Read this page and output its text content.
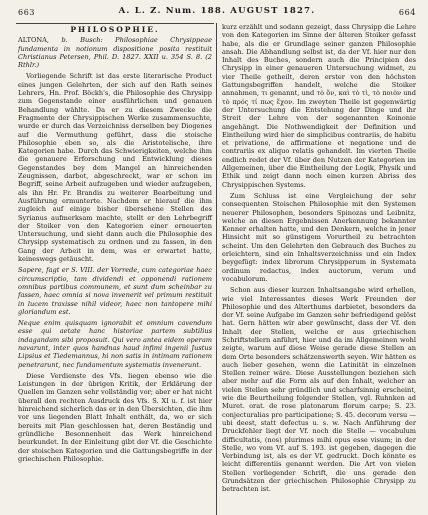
663	A. L. Z. Num. 188. AUGUST 1827.	664
PHILOSOPHIE.

ALTONA, b. Busch: Philosophiae Chrysippeae fundamenta in notionum dispositione posita restituit Christianus Petersen, Phil. D. 1827. XXII u. 354 S. 8. (2 Rthlr.)

Vorliegende Schrift ist das erste literarische Product eines jungen Gelehrten, der sich auf den Rath seines Lehrers, Hn. Prof. Böckh's, die Philosophie des Chrysipp zum Gegenstande einer ausführlichen und genauen Behandlung wählte. Da er zu diesem Zwecke die Fragmente der Chrysippischen Werke zusammensuchte, wurde er durch das Verzeichniss derselben bey Diogenes auf die Vermuthung geführt, dass die stoische Philosophie eben so, als die Aristotelische, ihre Kategorien habe. Durch das Schwierigkeiten, welche ihm die genauere Erforschung und Entwicklung dieses Gegenstandes bey dem Mangel an hinreichenden Zeugnissen, darbot, abgeschreckt, war er schon im Begriff, seine Arbeit aufzugeben und wieder aufzugeben, als ihn Hr. Fr. Brandis zu weiterer Bearbeitung und Ausführung ermunterte. Nachdem er hierauf die ihm zugleich auf einige bisher übersehene Stellen des Syrianus aufmerksam machte, stellt er den Lehrbegriff der Stoiker von den Kategorien einer erneuerten Untersuchung, und sieht dann auch die Philosophie des Chrysipp systematisch zu ordnen und zu fassen, in den Gang der Arbeit in dem, was er erwartet hatte, keineswegs getäuscht.

Sapere, fagt er S. VIII. der Vorrede, cum categoriae haec circumscriptio, tam dividendi et opponendi rationem omnibus partibus communem, et sunt dum scheinbar zu fassen, haec omnia si nova invenerit vel primum restituit in lucem traxisse nihil videor, haec non tantopere mihi gloriandum est.

Neque enim quisquam ignorabit et omnium cavendum esse qui aetate hanc historiae partem subtilius indagandam sibi proposuit. Qui vero antea eidem operam navarunt, inter quos handnas haud infimi ingenii Justus Lipsius et Tiedemannus, hi non satis in intimam rationem penetrarunt, nec fundamentum systematis invenerunt.

Diese Verdienste des Vfs. liegen ebenso wie die Leistungen in der übrigen Kritik, der Erklärung der Quellen im Ganzen sehr vollständig vor; aber er hat nicht überall den rechten Ausdruck des Vfs. S. XI u. f. ist hier hinreichend sicherlich das er in den Übersichten, die ihm vor uns liegenden Blatt Inhalt enthält, da, wo er sich bereits mit Plan geschlossen hat, deren Beständig und gründliche Besonnenheit das Werk hinreichend beurkundet. In der Einleitung gibt der Vf. die Geschichte der stoischen Kategorien und die Gattungsbegriffe in der griechischen Philosophie.

kurz erzählt und sodann gezeigt, dass Chrysipp die Lehre von den Kategorien im Sinne der älteren Stoiker gefasst habe, als die er Grundlage seiner ganzen Philosophie ansah. Die Abhandlung selbst ist, da der Vf. hier nur den Inhalt des Buches, sondern auch die Principien des Chrysipp in einer genaueren Untersuchung widmet, zu vier Theile getheilt, deren erster von den höchsten Gattungsbegriffen handelt, welche die Stoiker annahmen, τι genannt, und τὸ ὄν, καὶ τὸ τὶ, τὸ ποιὸν und τὸ πρός τί πως ἔχον. Im zweyten Theile ist gegenwärtig der Untersuchung die Entstehung der Dinge und ihr Streit der Lehre von der sogenannten Koinonie angehängt. Die Nothwendigkeit der Definition und Eintheilung wird hier de simplicibus contrariis, de habitu et privatione, de affirmatione et negatione und de contrariis ex aliquo relatis gehandelt. Im vierten Theile endlich redet der Vf. über den Nutzen der Kategorien im Allgemeinen, über die Eintheilung der Logik, Physik und Ethik und zeigt dann noch einen kurzen Abriss des Chrysippischen Systems.

Zum Schluss ist eine Vergleichung der sehr consequenten Stoischen Philosophie mit den Systemen neuerer Philosophen, besonders Spinozas und Leibnitz, welche an diesen Ergebnissen Anerkennung bekannter Kenner erhalten hatte, und den Denkern, welche in jener Hinsicht mit so günstigem Vorurtheil zu betrachten scheint. Um den Gelehrten den Gebrauch des Buches zu erleichtern, sind ein Inhaltsverzeichniss und ein Index beygefügt: index librorum Chrysipperum in Systemata ordinum redactus, index auctorum, verum und vocabulorum.

Schon aus dieser kurzen Inhaltsangabe wird erhellen, wie viel Interessantes dieses Werk Freunden der Philosophie und des Alterthums darbietet, besonders da der Vf. seine Aufgabe im Ganzen sehr befriedigend gelöst hat. Gern hätten wir aber gewünscht, dass der Vf. den Inhalt der Stellen, welche er aus griechischen Schriftstellern anführt, hier und da im Allgemeinen wohl zeigte, warum auf diese Weise gerade diese Stellen an dem Orte besonders schätzenswerth seyen. Wir hätten es auch lieber gesehen, wenn die Latinität in einzelnen Stellen reiner wäre. Diese Ausstellungen beziehen sich aber mehr auf die Form als auf den Inhalt, welcher an vielen Stellen sehr gründlich und scharfsinnig erscheint, wie die Beurtheilung folgender Stellen, vgl. Ruhnken ad Muret. orat. de rose platonarum florum carpe; S. 23. conjecturalias pro participatione; S. 45. decorum versu — ubi deest, statt defectus u. s. w. Nach Anführung der Druckfehler liegt der Vf. noch die Stelle — vocabulum difficultatis, (nos) plurimes mihi opus esse visum; in der Stelle, wo vom Vf. auf S. 193. ist gegeben, dagegen die Verbindung ist, als es der Vf. gedruckt. Doch könnte es leicht differentiis genannt werden. Die Art von vielen Stellen vorliegender Schrift, die uns gerade den Grundsätzen der griechischen Philosophie Chrysipp zu betrachten ist.
